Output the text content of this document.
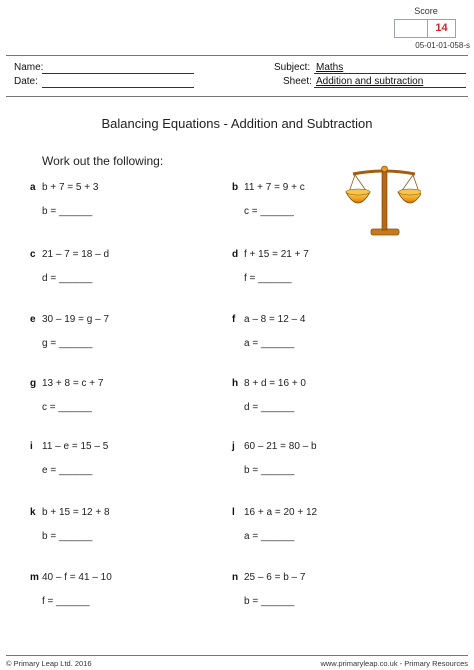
Score
14
05-01-01-058-s
Name:
Date:
Subject: Maths
Sheet: Addition and subtraction
Balancing Equations - Addition and Subtraction
Work out the following:
a b + 7 = 5 + 3
b = ______
b 11 + 7 = 9 + c
c = ______
c 21 – 7 = 18 – d
d = ______
d f + 15 = 21 + 7
f = ______
e 30 – 19 = g – 7
g = ______
f a – 8 = 12 – 4
a = ______
g 13 + 8 = c + 7
c = ______
h 8 + d = 16 + 0
d = ______
i 11 – e = 15 – 5
e = ______
j 60 – 21 = 80 – b
b = ______
k b + 15 = 12 + 8
b = ______
l 16 + a = 20 + 12
a = ______
m 40 – f = 41 – 10
f = ______
n 25 – 6 = b – 7
b = ______
© Primary Leap Ltd. 2016	www.primaryleap.co.uk - Primary Resources
